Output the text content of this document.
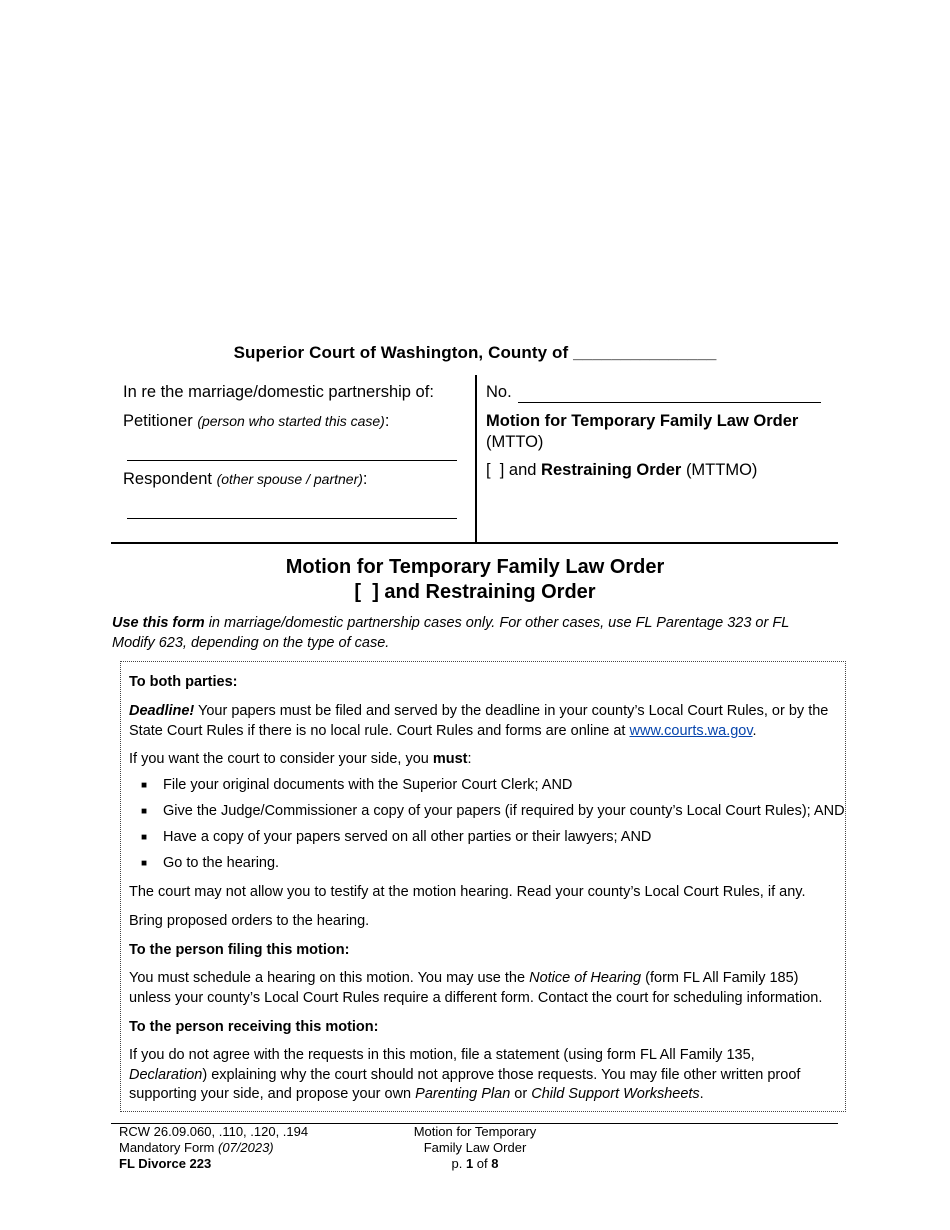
Superior Court of Washington, County of _______________
In re the marriage/domestic partnership of:
Petitioner (person who started this case):
Respondent (other spouse / partner):
No.
Motion for Temporary Family Law Order
(MTTO)
[  ] and Restraining Order (MTTMO)
Motion for Temporary Family Law Order
[  ] and Restraining Order
Use this form in marriage/domestic partnership cases only. For other cases, use FL Parentage 323 or FL Modify 623, depending on the type of case.
To both parties:
Deadline! Your papers must be filed and served by the deadline in your county’s Local Court Rules, or by the State Court Rules if there is no local rule. Court Rules and forms are online at www.courts.wa.gov.
If you want the court to consider your side, you must:
■ File your original documents with the Superior Court Clerk; AND
■ Give the Judge/Commissioner a copy of your papers (if required by your county’s Local Court Rules); AND
■ Have a copy of your papers served on all other parties or their lawyers; AND
■ Go to the hearing.
The court may not allow you to testify at the motion hearing. Read your county’s Local Court Rules, if any.
Bring proposed orders to the hearing.
To the person filing this motion:
You must schedule a hearing on this motion. You may use the Notice of Hearing (form FL All Family 185) unless your county’s Local Court Rules require a different form. Contact the court for scheduling information.
To the person receiving this motion:
If you do not agree with the requests in this motion, file a statement (using form FL All Family 135, Declaration) explaining why the court should not approve those requests. You may file other written proof supporting your side, and propose your own Parenting Plan or Child Support Worksheets.
RCW 26.09.060, .110, .120, .194
Mandatory Form (07/2023)
FL Divorce 223
Motion for Temporary
Family Law Order
p. 1 of 8
